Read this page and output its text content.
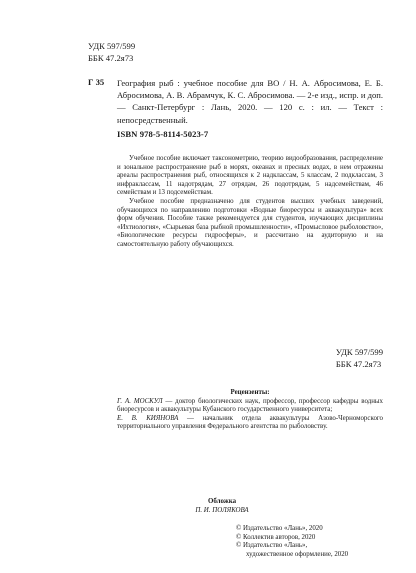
УДК 597/599
ББК 47.2я73
Г 35 География рыб : учебное пособие для ВО / Н. А. Абросимова, Е. Б. Абросимова, А. В. Абрамчук, К. С. Абросимова. — 2-е изд., испр. и доп. — Санкт-Петербург : Лань, 2020. — 120 с. : ил. — Текст : непосредственный.

ISBN 978-5-8114-5023-7

Учебное пособие включает таксонометрию, теорию видообразования, распределение и зональное распространение рыб в морях, океанах и пресных водах, в нем отражены ареалы распространения рыб, относящихся к 2 надклассам, 5 классам, 2 подклассам, 3 инфраклассам, 11 надотрядам, 27 отрядам, 26 подотрядам, 5 надсемействам, 46 семействам и 13 подсемействам.

Учебное пособие предназначено для студентов высших учебных заведений, обучающихся по направлению подготовки «Водные биоресурсы и аквакультура» всех форм обучения. Пособие также рекомендуется для студентов, изучающих дисциплины «Ихтиология», «Сырьевая база рыбной промышленности», «Промысловое рыболовство», «Биологические ресурсы гидросферы», и рассчитано на аудиторную и на самостоятельную работу обучающихся.

УДК 597/599
ББК 47.2я73
Рецензенты:

Г. А. МОСКУЛ — доктор биологических наук, профессор, профессор кафедры водных биоресурсов и аквакультуры Кубанского государственного университета;

Е. В. КИЯНОВА — начальник отдела аквакультуры Азово-Черноморского территориального управления Федерального агентства по рыболовству.

Обложка
П. И. ПОЛЯКОВА
© Издательство «Лань», 2020
© Коллектив авторов, 2020
© Издательство «Лань»,
художественное оформление, 2020
